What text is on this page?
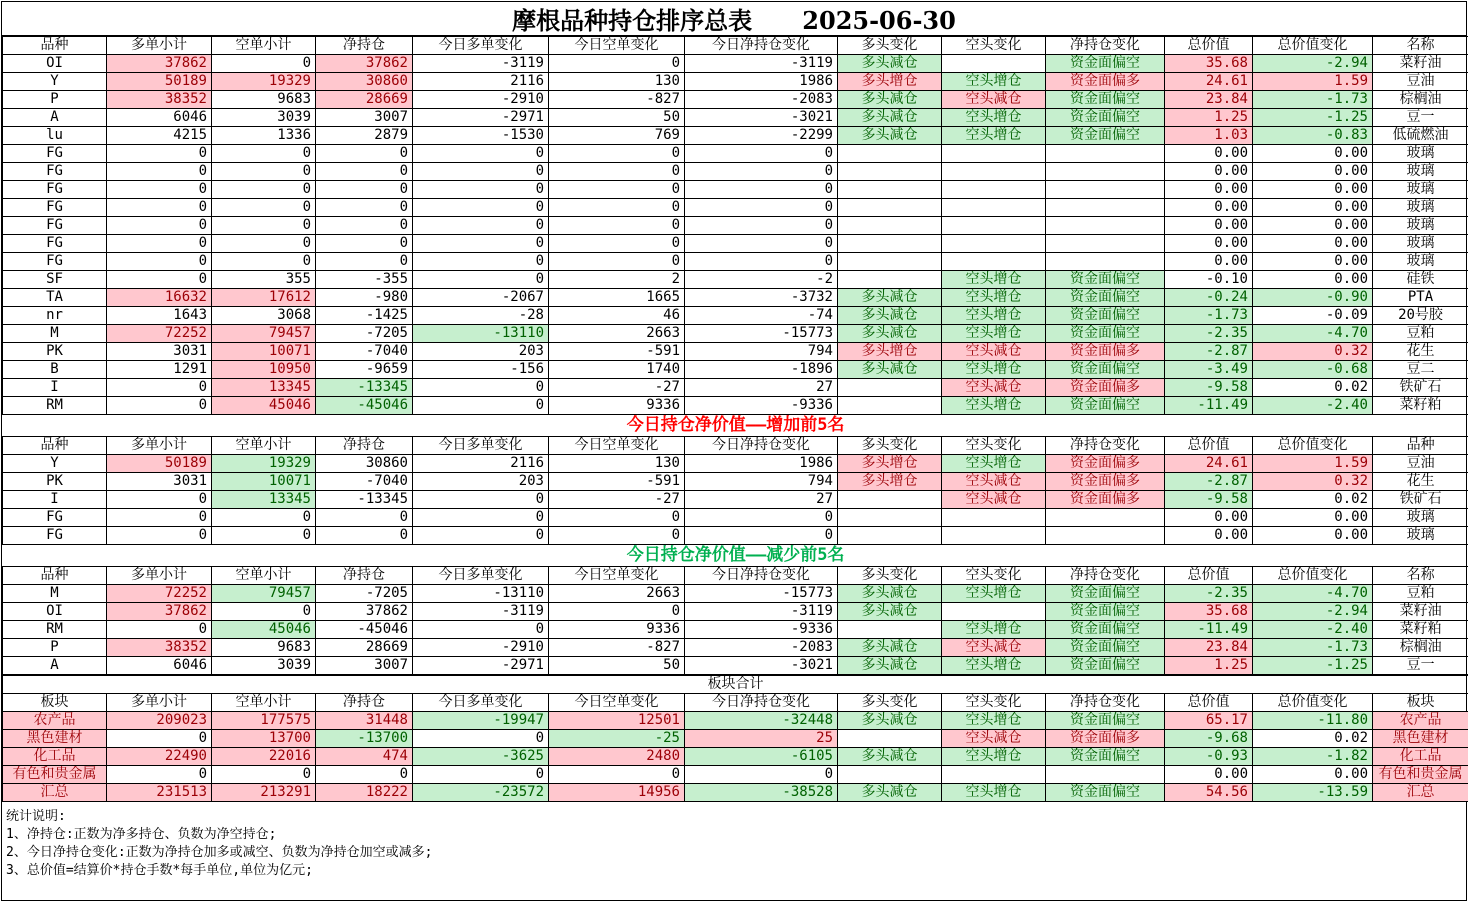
摩根品种持仓排序总表      2025-06-30
品种	多单小计	空单小计	净持仓	今日多单变化	今日空单变化	今日净持仓变化	多头变化	空头变化	净持仓变化	总价值	总价值变化	名称
OI	37862	0	37862	-3119	0	-3119	多头减仓		资金面偏空	35.68	-2.94	菜籽油
Y	50189	19329	30860	2116	130	1986	多头增仓	空头增仓	资金面偏多	24.61	1.59	豆油
P	38352	9683	28669	-2910	-827	-2083	多头减仓	空头减仓	资金面偏空	23.84	-1.73	棕榈油
A	6046	3039	3007	-2971	50	-3021	多头减仓	空头增仓	资金面偏空	1.25	-1.25	豆一
lu	4215	1336	2879	-1530	769	-2299	多头减仓	空头增仓	资金面偏空	1.03	-0.83	低硫燃油
FG	0	0	0	0	0	0				0.00	0.00	玻璃
FG	0	0	0	0	0	0				0.00	0.00	玻璃
FG	0	0	0	0	0	0				0.00	0.00	玻璃
FG	0	0	0	0	0	0				0.00	0.00	玻璃
FG	0	0	0	0	0	0				0.00	0.00	玻璃
FG	0	0	0	0	0	0				0.00	0.00	玻璃
FG	0	0	0	0	0	0				0.00	0.00	玻璃
SF	0	355	-355	0	2	-2		空头增仓	资金面偏空	-0.10	0.00	硅铁
TA	16632	17612	-980	-2067	1665	-3732	多头减仓	空头增仓	资金面偏空	-0.24	-0.90	PTA
nr	1643	3068	-1425	-28	46	-74	多头减仓	空头增仓	资金面偏空	-1.73	-0.09	20号胶
M	72252	79457	-7205	-13110	2663	-15773	多头减仓	空头增仓	资金面偏空	-2.35	-4.70	豆粕
PK	3031	10071	-7040	203	-591	794	多头增仓	空头减仓	资金面偏多	-2.87	0.32	花生
B	1291	10950	-9659	-156	1740	-1896	多头减仓	空头增仓	资金面偏空	-3.49	-0.68	豆二
I	0	13345	-13345	0	-27	27		空头减仓	资金面偏多	-9.58	0.02	铁矿石
RM	0	45046	-45046	0	9336	-9336		空头增仓	资金面偏空	-11.49	-2.40	菜籽粕
今日持仓净价值——增加前5名												
品种	多单小计	空单小计	净持仓	今日多单变化	今日空单变化	今日净持仓变化	多头变化	空头变化	净持仓变化	总价值	总价值变化	品种
Y	50189	19329	30860	2116	130	1986	多头增仓	空头增仓	资金面偏多	24.61	1.59	豆油
PK	3031	10071	-7040	203	-591	794	多头增仓	空头减仓	资金面偏多	-2.87	0.32	花生
I	0	13345	-13345	0	-27	27		空头减仓	资金面偏多	-9.58	0.02	铁矿石
FG	0	0	0	0	0	0				0.00	0.00	玻璃
FG	0	0	0	0	0	0				0.00	0.00	玻璃
今日持仓净价值——减少前5名												
品种	多单小计	空单小计	净持仓	今日多单变化	今日空单变化	今日净持仓变化	多头变化	空头变化	净持仓变化	总价值	总价值变化	名称
M	72252	79457	-7205	-13110	2663	-15773	多头减仓	空头增仓	资金面偏空	-2.35	-4.70	豆粕
OI	37862	0	37862	-3119	0	-3119	多头减仓		资金面偏空	35.68	-2.94	菜籽油
RM	0	45046	-45046	0	9336	-9336		空头增仓	资金面偏空	-11.49	-2.40	菜籽粕
P	38352	9683	28669	-2910	-827	-2083	多头减仓	空头减仓	资金面偏空	23.84	-1.73	棕榈油
A	6046	3039	3007	-2971	50	-3021	多头减仓	空头增仓	资金面偏空	1.25	-1.25	豆一
板块合计												
板块	多单小计	空单小计	净持仓	今日多单变化	今日空单变化	今日净持仓变化	多头变化	空头变化	净持仓变化	总价值	总价值变化	板块
农产品	209023	177575	31448	-19947	12501	-32448	多头减仓	空头增仓	资金面偏空	65.17	-11.80	农产品
黑色建材	0	13700	-13700	0	-25	25		空头减仓	资金面偏多	-9.68	0.02	黑色建材
化工品	22490	22016	474	-3625	2480	-6105	多头减仓	空头增仓	资金面偏空	-0.93	-1.82	化工品
有色和贵金属	0	0	0	0	0	0				0.00	0.00	有色和贵金属
汇总	231513	213291	18222	-23572	14956	-38528	多头减仓	空头增仓	资金面偏空	54.56	-13.59	汇总
统计说明:
1、净持仓:正数为净多持仓、负数为净空持仓;
2、今日净持仓变化:正数为净持仓加多或减空、负数为净持仓加空或减多;
3、总价值=结算价*持仓手数*每手单位,单位为亿元;
